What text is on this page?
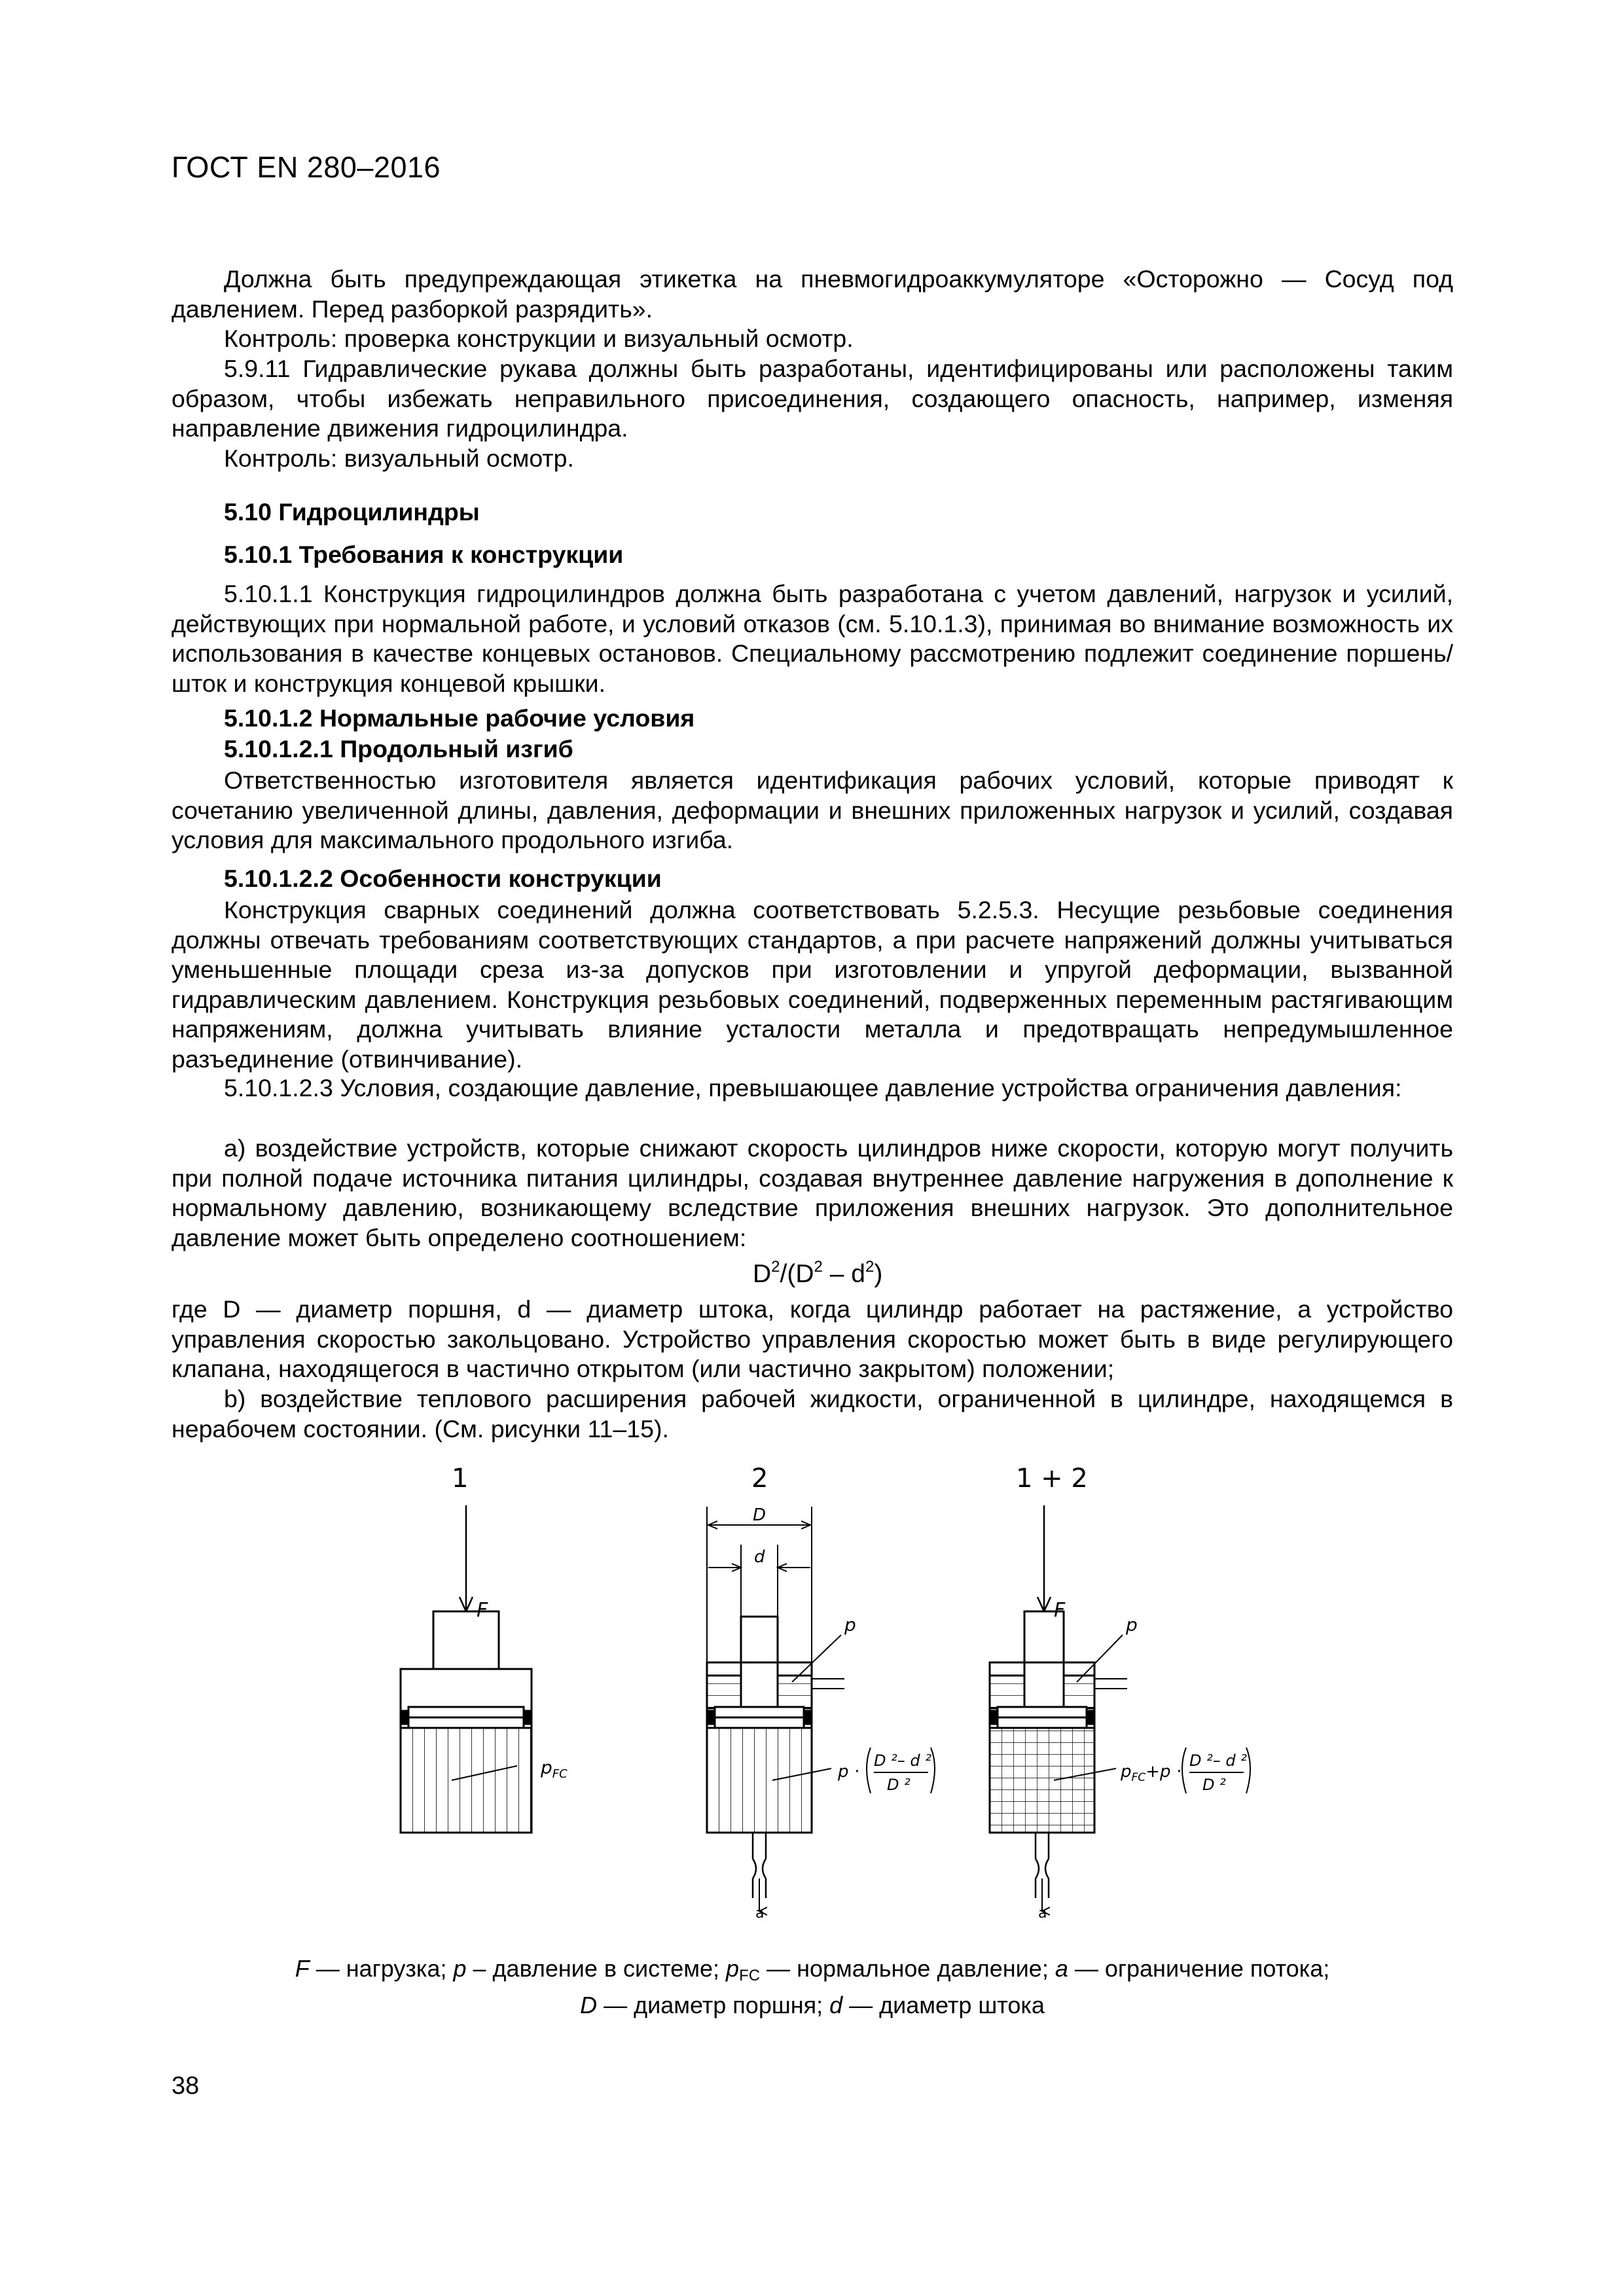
ГОСТ EN 280–2016

Должна быть предупреждающая этикетка на пневмогидроаккумуляторе «Осторожно — Сосуд под давлением. Перед разборкой разрядить».

Контроль: проверка конструкции и визуальный осмотр.

5.9.11 Гидравлические рукава должны быть разработаны, идентифицированы или расположены таким образом, чтобы избежать неправильного присоединения, создающего опасность, например, изменяя направление движения гидроцилиндра.

Контроль: визуальный осмотр.

5.10 Гидроцилиндры

5.10.1 Требования к конструкции

5.10.1.1 Конструкция гидроцилиндров должна быть разработана с учетом давлений, нагрузок и усилий, действующих при нормальной работе, и условий отказов (см. 5.10.1.3), принимая во внимание возможность их использования в качестве концевых остановов. Специальному рассмотрению подлежит соединение поршень/шток и конструкция концевой крышки.

5.10.1.2 Нормальные рабочие условия

5.10.1.2.1 Продольный изгиб

Ответственностью изготовителя является идентификация рабочих условий, которые приводят к сочетанию увеличенной длины, давления, деформации и внешних приложенных нагрузок и усилий, создавая условия для максимального продольного изгиба.

5.10.1.2.2 Особенности конструкции

Конструкция сварных соединений должна соответствовать 5.2.5.3. Несущие резьбовые соединения должны отвечать требованиям соответствующих стандартов, а при расчете напряжений должны учитываться уменьшенные площади среза из-за допусков при изготовлении и упругой деформации, вызванной гидравлическим давлением. Конструкция резьбовых соединений, подверженных переменным растягивающим напряжениям, должна учитывать влияние усталости металла и предотвращать непредумышленное разъединение (отвинчивание).

5.10.1.2.3 Условия, создающие давление, превышающее давление устройства ограничения давления:

a) воздействие устройств, которые снижают скорость цилиндров ниже скорости, которую могут получить при полной подаче источника питания цилиндры, создавая внутреннее давление нагружения в дополнение к нормальному давлению, возникающему вследствие приложения внешних нагрузок. Это дополнительное давление может быть определено соотношением:

$D^2/(D^2 - d^2)$

где D — диаметр поршня, d — диаметр штока, когда цилиндр работает на растяжение, а устройство управления скоростью закольцовано. Устройство управления скоростью может быть в виде регулирующего клапана, находящегося в частично открытом (или частично закрытом) положении;

b) воздействие теплового расширения рабочей жидкости, ограниченной в цилиндре, находящемся в нерабочем состоянии. (См. рисунки 11–15).

1	2	1 + 2
F
$p_{FC}$
D
d
p
p ·
D ²– d ²
D ²
a
F
p
$p_{FC}+p$ ·
D ²– d ²
D ²
a
F — нагрузка; p – давление в системе; $p_{FC}$ — нормальное давление; a — ограничение потока;
D — диаметр поршня; d — диаметр штока
38
